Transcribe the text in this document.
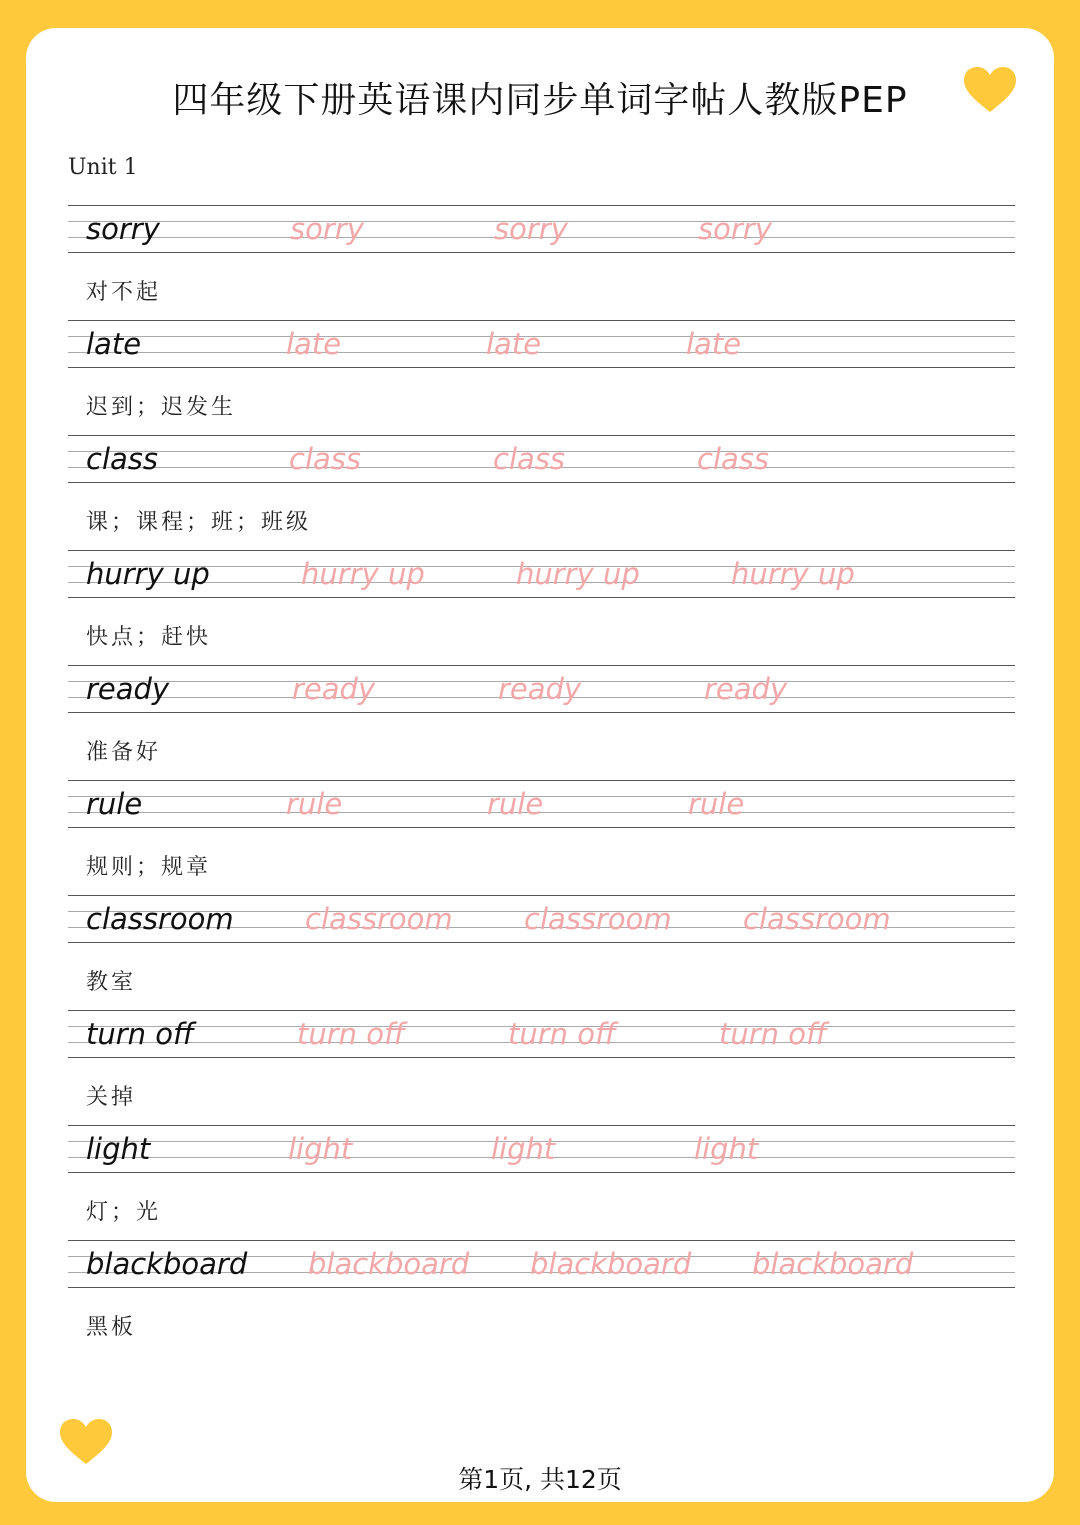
四年级下册英语课内同步单词字帖人教版PEP
Unit 1
sorry	sorry	sorry	sorry
对不起
late	late	late	late
迟到；迟发生
class	class	class	class
课；课程；班；班级
hurry up	hurry up	hurry up	hurry up
快点；赶快
ready	ready	ready	ready
准备好
rule	rule	rule	rule
规则；规章
classroom classroom classroom classroom
教室
turn off	turn off	turn off	turn off
关掉
light	light	light	light
灯；光
blackboard blackboard blackboard blackboard
黑板
第1页, 共12页
